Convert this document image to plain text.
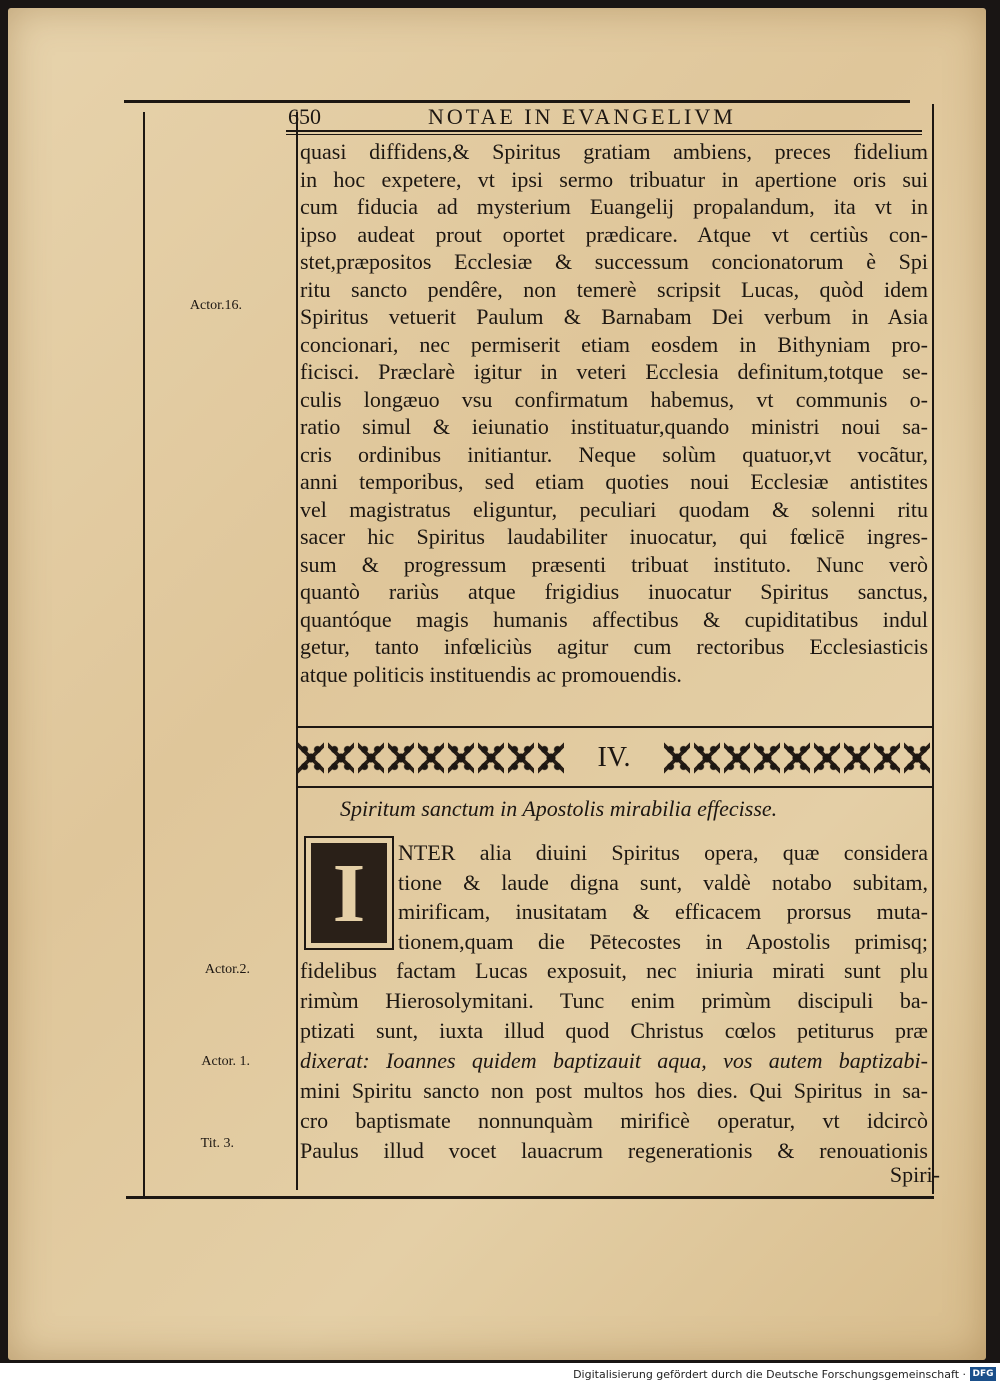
650	NOTAE IN EVANGELIVM
Actor.16.
Actor.2.
Actor. 1.
Tit. 3.
quasi diffidens,& Spiritus gratiam ambiens, preces fidelium
in hoc expetere, vt ipsi sermo tribuatur in apertione oris sui
cum fiducia ad mysterium Euangelij propalandum, ita vt in
ipso audeat prout oportet prædicare. Atque vt certiùs con-
stet,præpositos Ecclesiæ & successum concionatorum è Spi
ritu sancto pendêre, non temerè scripsit Lucas, quòd idem
Spiritus vetuerit Paulum & Barnabam Dei verbum in Asia
concionari, nec permiserit etiam eosdem in Bithyniam pro-
ficisci. Præclarè igitur in veteri Ecclesia definitum,totque se-
culis longæuo vsu confirmatum habemus, vt communis o-
ratio simul & ieiunatio instituatur,quando ministri noui sa-
cris ordinibus initiantur. Neque solùm quatuor,vt vocãtur,
anni temporibus, sed etiam quoties noui Ecclesiæ antistites
vel magistratus eliguntur, peculiari quodam & solenni ritu
sacer hic Spiritus laudabiliter inuocatur, qui fœlicē ingres-
sum & progressum præsenti tribuat instituto. Nunc verò
quantò rariùs atque frigidius inuocatur Spiritus sanctus,
quantóque magis humanis affectibus & cupiditatibus indul
getur, tanto infœliciùs agitur cum rectoribus Ecclesiasticis
atque politicis instituendis ac promouendis.
IV.
Spiritum sanctum in Apostolis mirabilia effecisse.
I	NTER alia diuini Spiritus opera, quæ considera
tione & laude digna sunt, valdè notabo subitam,
mirificam, inusitatam & efficacem prorsus muta-
tionem,quam die Pētecostes in Apostolis primisq;
fidelibus factam Lucas exposuit, nec iniuria mirati sunt plu
rimùm Hierosolymitani. Tunc enim primùm discipuli ba-
ptizati sunt, iuxta illud quod Christus cœlos petiturus præ
dixerat: Ioannes quidem baptizauit aqua, vos autem baptizabi-
mini Spiritu sancto non post multos hos dies. Qui Spiritus in sa-
cro baptismate nonnunquàm mirificè operatur, vt idcircò
Paulus illud vocet lauacrum regenerationis & renouationis
Spiri-
Digitalisierung gefördert durch die Deutsche Forschungsgemeinschaft · DFG
